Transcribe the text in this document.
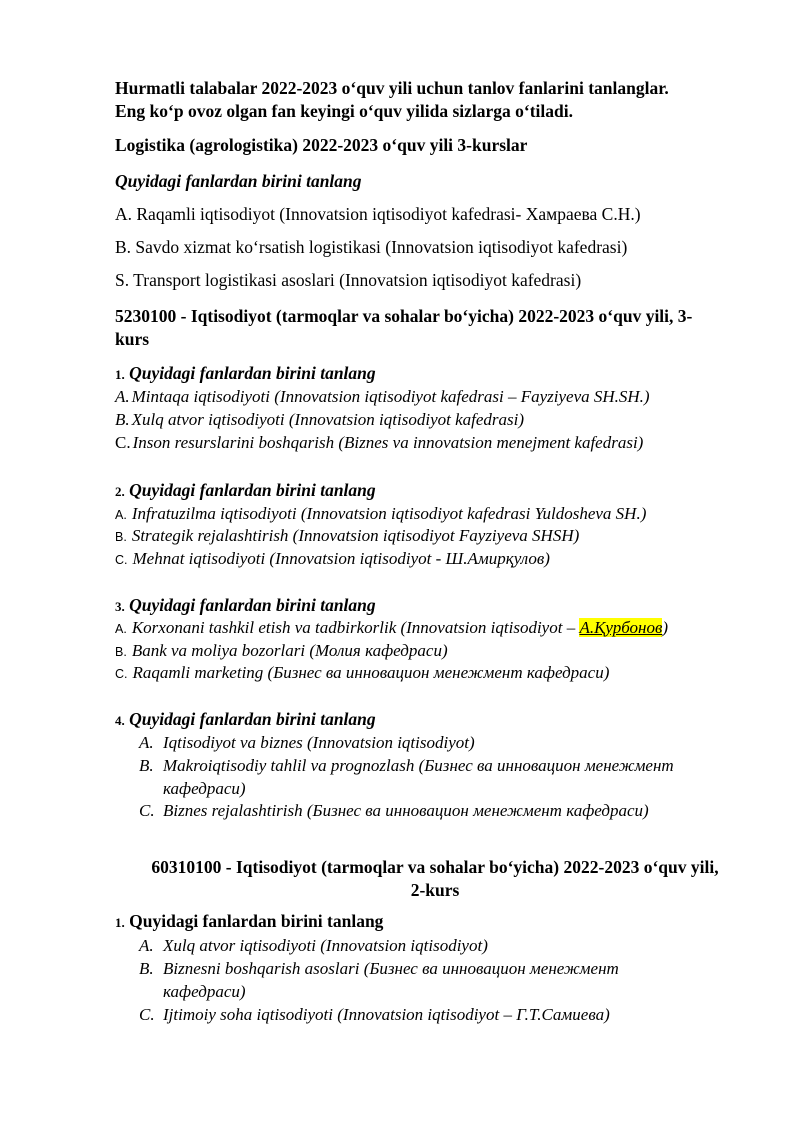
Hurmatli talabalar 2022-2023 o‘quv yili uchun tanlov fanlarini tanlanglar.
Eng ko‘p ovoz olgan fan keyingi o‘quv yilida sizlarga o‘tiladi.
Logistika (agrologistika) 2022-2023 o‘quv yili 3-kurslar
Quyidagi fanlardan birini tanlang
A. Raqamli iqtisodiyot (Innovatsion iqtisodiyot kafedrasi- Хамраева С.Н.)
B. Savdo xizmat ko‘rsatish logistikasi (Innovatsion iqtisodiyot kafedrasi)
S. Transport logistikasi asoslari (Innovatsion iqtisodiyot kafedrasi)
5230100 - Iqtisodiyot (tarmoqlar va sohalar bo‘yicha) 2022-2023 o‘quv yili, 3-
kurs
1. Quyidagi fanlardan birini tanlang
A. Mintaqa iqtisodiyoti (Innovatsion iqtisodiyot kafedrasi – Fayziyeva SH.SH.)
B. Xulq atvor iqtisodiyoti (Innovatsion iqtisodiyot kafedrasi)
C. Inson resurslarini boshqarish (Biznes va innovatsion menejment kafedrasi)
2. Quyidagi fanlardan birini tanlang
A. Infratuzilma iqtisodiyoti (Innovatsion iqtisodiyot kafedrasi Yuldosheva SH.)
B. Strategik rejalashtirish (Innovatsion iqtisodiyot Fayziyeva SHSH)
C. Mehnat iqtisodiyoti (Innovatsion iqtisodiyot - Ш.Амирқулов)
3. Quyidagi fanlardan birini tanlang
A. Korxonani tashkil etish va tadbirkorlik (Innovatsion iqtisodiyot – А.Қурбонов)
B. Bank va moliya bozorlari (Молия кафедраси)
C. Raqamli marketing (Бизнес ва инновацион менежмент кафедраси)
4. Quyidagi fanlardan birini tanlang
A. Iqtisodiyot va biznes (Innovatsion iqtisodiyot)
B. Makroiqtisodiy tahlil va prognozlash (Бизнес ва инновацион менежмент
кафедраси)
C. Biznes rejalashtirish (Бизнес ва инновацион менежмент кафедраси)
60310100 - Iqtisodiyot (tarmoqlar va sohalar bo‘yicha) 2022-2023 o‘quv yili,
2-kurs
1. Quyidagi fanlardan birini tanlang
A. Xulq atvor iqtisodiyoti (Innovatsion iqtisodiyot)
B. Biznesni boshqarish asoslari (Бизнес ва инновацион менежмент
кафедраси)
C. Ijtimoiy soha iqtisodiyoti (Innovatsion iqtisodiyot – Г.Т.Самиева)
